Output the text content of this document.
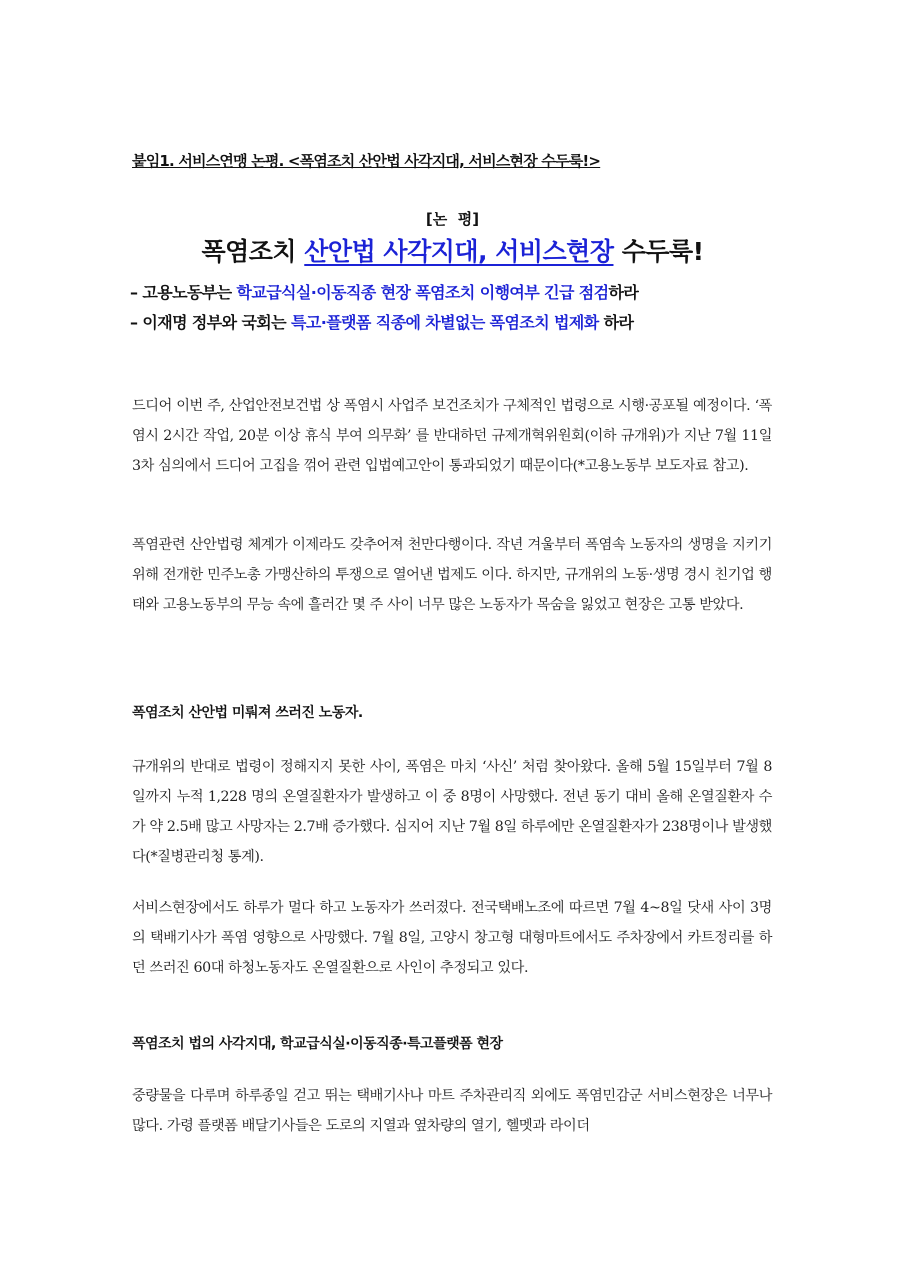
붙임1. 서비스연맹 논평. <폭염조치 산안법 사각지대, 서비스현장 수두룩!>
[논  평]
폭염조치 산안법 사각지대, 서비스현장 수두룩!
– 고용노동부는 학교급식실·이동직종 현장 폭염조치 이행여부 긴급 점검하라
– 이재명 정부와 국회는 특고·플랫폼 직종에 차별없는 폭염조치 법제화 하라

드디어 이번 주, 산업안전보건법 상 폭염시 사업주 보건조치가 구체적인 법령으로 시행·공포될 예정이다. ‘폭염시 2시간 작업, 20분 이상 휴식 부여 의무화’ 를 반대하던 규제개혁위원회(이하 규개위)가 지난 7월 11일 3차 심의에서 드디어 고집을 꺾어 관련 입법예고안이 통과되었기 때문이다(*고용노동부 보도자료 참고).

폭염관련 산안법령 체계가 이제라도 갖추어져 천만다행이다. 작년 겨울부터 폭염속 노동자의 생명을 지키기 위해 전개한 민주노총 가맹산하의 투쟁으로 열어낸 법제도 이다. 하지만, 규개위의 노동·생명 경시 친기업 행태와 고용노동부의 무능 속에 흘러간 몇 주 사이 너무 많은 노동자가 목숨을 잃었고 현장은 고통 받았다.

폭염조치 산안법 미뤄져 쓰러진 노동자.

규개위의 반대로 법령이 정해지지 못한 사이, 폭염은 마치 ‘사신’ 처럼 찾아왔다. 올해 5월 15일부터 7월 8일까지 누적 1,228 명의 온열질환자가 발생하고 이 중 8명이 사망했다. 전년 동기 대비 올해 온열질환자 수가 약 2.5배 많고 사망자는 2.7배 증가했다. 심지어 지난 7월 8일 하루에만 온열질환자가 238명이나 발생했다(*질병관리청 통계).

서비스현장에서도 하루가 멀다 하고 노동자가 쓰러졌다. 전국택배노조에 따르면 7월 4~8일 닷새 사이 3명의 택배기사가 폭염 영향으로 사망했다. 7월 8일, 고양시 창고형 대형마트에서도 주차장에서 카트정리를 하던 쓰러진 60대 하청노동자도 온열질환으로 사인이 추정되고 있다.

폭염조치 법의 사각지대, 학교급식실·이동직종·특고플랫폼 현장

중량물을 다루며 하루종일 걷고 뛰는 택배기사나 마트 주차관리직 외에도 폭염민감군 서비스현장은 너무나 많다. 가령 플랫폼 배달기사들은 도로의 지열과 옆차량의 열기, 헬멧과 라이더
